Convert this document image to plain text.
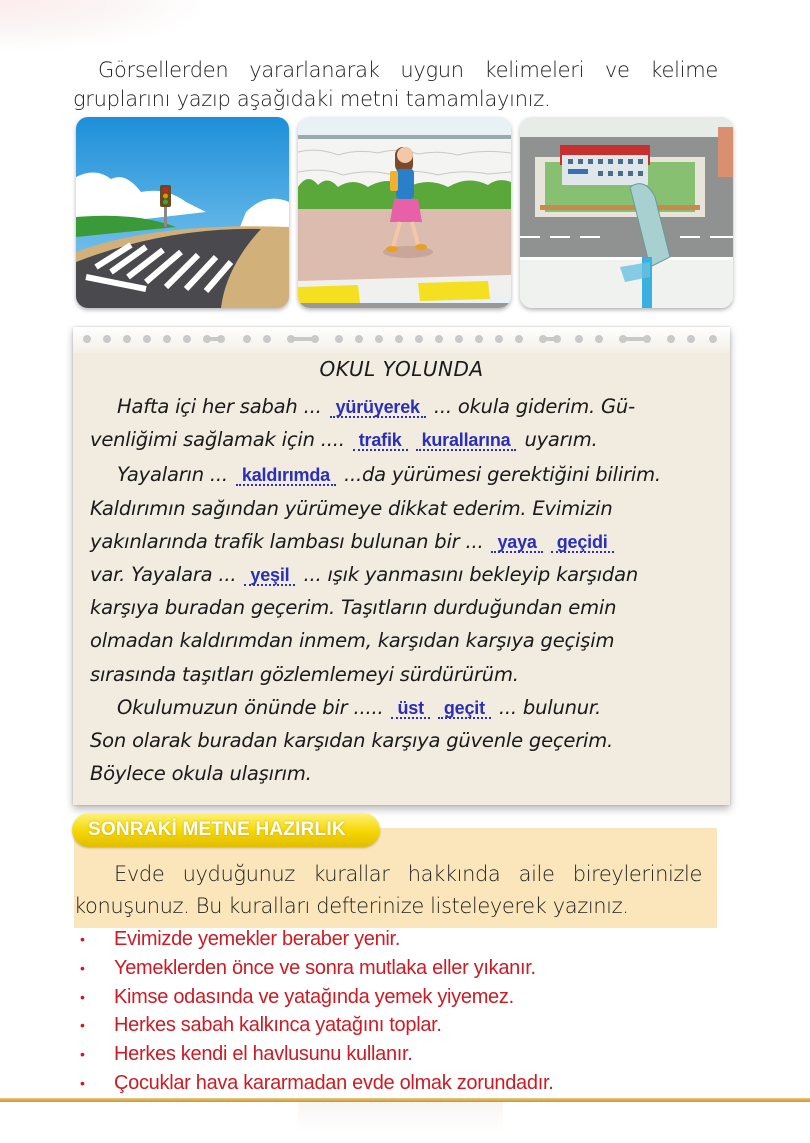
Görsellerden yararlanarak uygun kelimeleri ve kelime
gruplarını yazıp aşağıdaki metni tamamlayınız.
OKUL YOLUNDA
Hafta içi her sabah ... yürüyerek ... okula giderim. Gü-
venliğimi sağlamak için .... trafik	kurallarına uyarım.
Yayaların ... kaldırımda ...da yürümesi gerektiğini bilirim.
Kaldırımın sağından yürümeye dikkat ederim. Evimizin
yakınlarında trafik lambası bulunan bir ... yaya	geçidi
var. Yayalara ... yeşil ... ışık yanmasını bekleyip karşıdan
karşıya buradan geçerim. Taşıtların durduğundan emin
olmadan kaldırımdan inmem, karşıdan karşıya geçişim
sırasında taşıtları gözlemlemeyi sürdürürüm.
Okulumuzun önünde bir ..... üst	geçit ... bulunur.
Son olarak buradan karşıdan karşıya güvenle geçerim.
Böylece okula ulaşırım.
SONRAKİ METNE HAZIRLIK
Evde uyduğunuz kurallar hakkında aile bireylerinizle
konuşunuz. Bu kuralları defterinize listeleyerek yazınız.
•	Evimizde yemekler beraber yenir.
•	Yemeklerden önce ve sonra mutlaka eller yıkanır.
•	Kimse odasında ve yatağında yemek yiyemez.
•	Herkes sabah kalkınca yatağını toplar.
•	Herkes kendi el havlusunu kullanır.
•	Çocuklar hava kararmadan evde olmak zorundadır.
